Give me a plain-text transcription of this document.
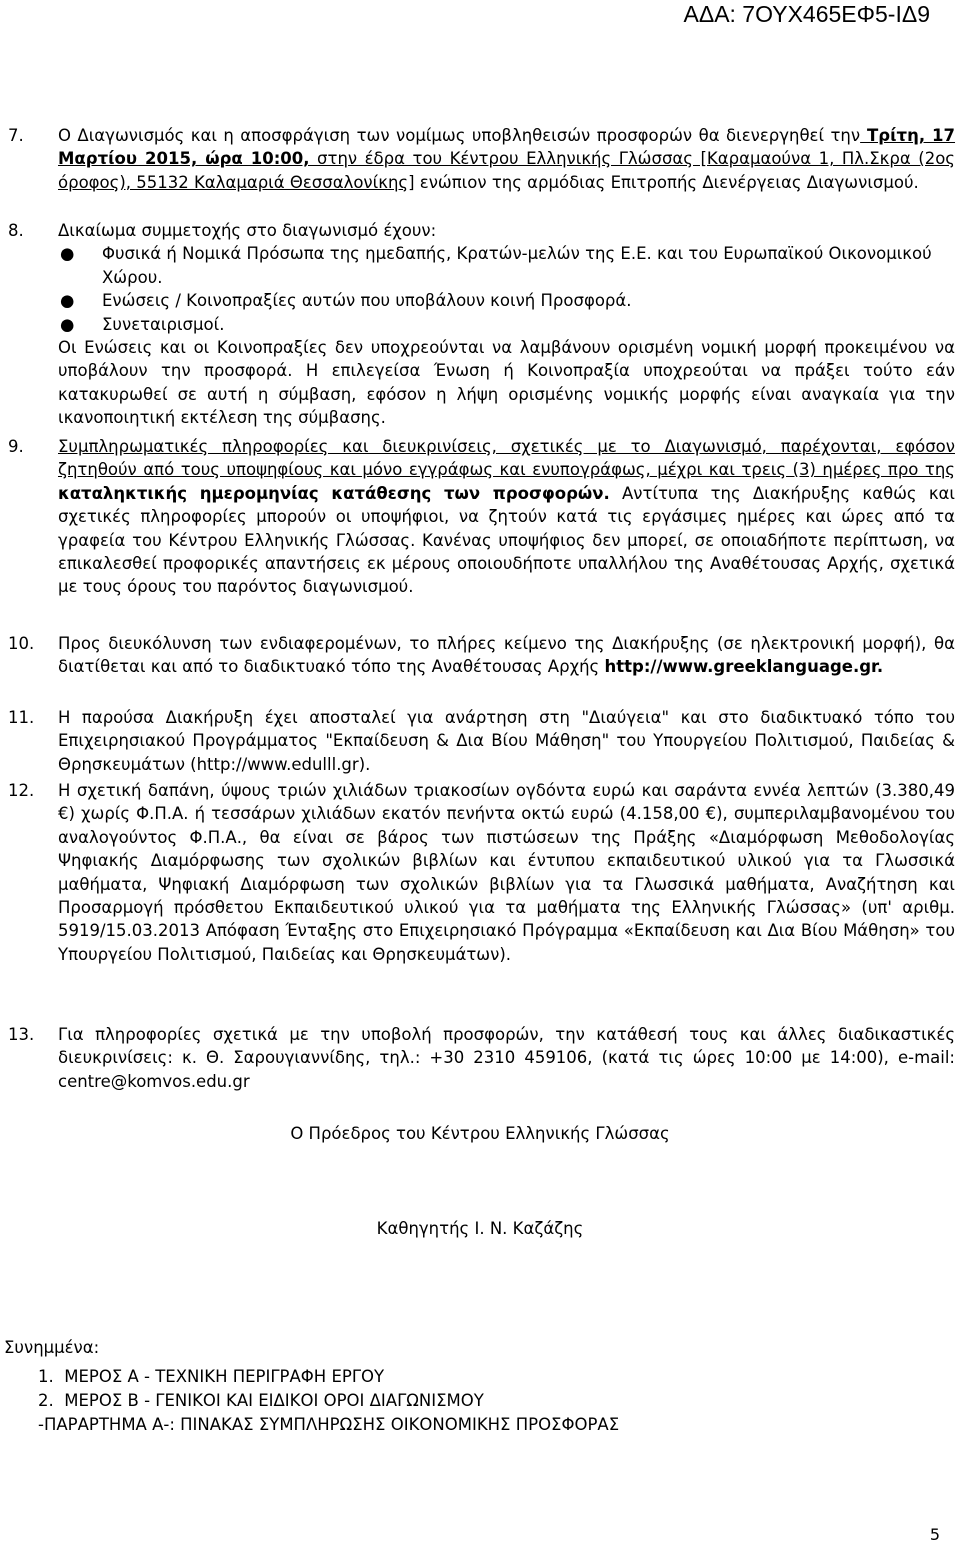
ΑΔΑ: 7ΟΥΧ465ΕΦ5-ΙΔ9
7. Ο Διαγωνισμός και η αποσφράγιση των νομίμως υποβληθεισών προσφορών θα διενεργηθεί την Τρίτη, 17 Μαρτίου 2015, ώρα 10:00, στην έδρα του Κέντρου Ελληνικής Γλώσσας [Καραμαούνα 1, Πλ.Σκρα (2ος όροφος), 55132 Καλαμαριά Θεσσαλονίκης] ενώπιον της αρμόδιας Επιτροπής Διενέργειας Διαγωνισμού.
8. Δικαίωμα συμμετοχής στο διαγωνισμό έχουν:
● Φυσικά ή Νομικά Πρόσωπα της ημεδαπής, Κρατών-μελών της Ε.Ε. και του Ευρωπαϊκού Οικονομικού Χώρου.
● Ενώσεις / Κοινοπραξίες αυτών που υποβάλουν κοινή Προσφορά.
● Συνεταιρισμοί.
Οι Ενώσεις και οι Κοινοπραξίες δεν υποχρεούνται να λαμβάνουν ορισμένη νομική μορφή προκειμένου να υποβάλουν την προσφορά. Η επιλεγείσα Ένωση ή Κοινοπραξία υποχρεούται να πράξει τούτο εάν κατακυρωθεί σε αυτή η σύμβαση, εφόσον η λήψη ορισμένης νομικής μορφής είναι αναγκαία για την ικανοποιητική εκτέλεση της σύμβασης.
9. Συμπληρωματικές πληροφορίες και διευκρινίσεις, σχετικές με το Διαγωνισμό, παρέχονται, εφόσον ζητηθούν από τους υποψηφίους και μόνο εγγράφως και ενυπογράφως, μέχρι και τρεις (3) ημέρες προ της καταληκτικής ημερομηνίας κατάθεσης των προσφορών. Αντίτυπα της Διακήρυξης καθώς και σχετικές πληροφορίες μπορούν οι υποψήφιοι, να ζητούν κατά τις εργάσιμες ημέρες και ώρες από τα γραφεία του Κέντρου Ελληνικής Γλώσσας. Κανένας υποψήφιος δεν μπορεί, σε οποιαδήποτε περίπτωση, να επικαλεσθεί προφορικές απαντήσεις εκ μέρους οποιουδήποτε υπαλλήλου της Αναθέτουσας Αρχής, σχετικά με τους όρους του παρόντος διαγωνισμού.
10. Προς διευκόλυνση των ενδιαφερομένων, το πλήρες κείμενο της Διακήρυξης (σε ηλεκτρονική μορφή), θα διατίθεται και από το διαδικτυακό τόπο της Αναθέτουσας Αρχής http://www.greeklanguage.gr.
11. Η παρούσα Διακήρυξη έχει αποσταλεί για ανάρτηση στη "Διαύγεια" και στο διαδικτυακό τόπο του Επιχειρησιακού Προγράμματος "Εκπαίδευση & Δια Βίου Μάθηση" του Υπουργείου Πολιτισμού, Παιδείας & Θρησκευμάτων (http://www.edulll.gr).
12. Η σχετική δαπάνη, ύψους τριών χιλιάδων τριακοσίων ογδόντα ευρώ και σαράντα εννέα λεπτών (3.380,49 €) χωρίς Φ.Π.Α. ή τεσσάρων χιλιάδων εκατόν πενήντα οκτώ ευρώ (4.158,00 €), συμπεριλαμβανομένου του αναλογούντος Φ.Π.Α., θα είναι σε βάρος των πιστώσεων της Πράξης «Διαμόρφωση Μεθοδολογίας Ψηφιακής Διαμόρφωσης των σχολικών βιβλίων και έντυπου εκπαιδευτικού υλικού για τα Γλωσσικά μαθήματα, Ψηφιακή Διαμόρφωση των σχολικών βιβλίων για τα Γλωσσικά μαθήματα, Αναζήτηση και Προσαρμογή πρόσθετου Εκπαιδευτικού υλικού για τα μαθήματα της Ελληνικής Γλώσσας» (υπ' αριθμ. 5919/15.03.2013 Απόφαση Ένταξης στο Επιχειρησιακό Πρόγραμμα «Εκπαίδευση και Δια Βίου Μάθηση» του Υπουργείου Πολιτισμού, Παιδείας και Θρησκευμάτων).
13. Για πληροφορίες σχετικά με την υποβολή προσφορών, την κατάθεσή τους και άλλες διαδικαστικές διευκρινίσεις: κ. Θ. Σαρουγιαννίδης, τηλ.: +30 2310 459106, (κατά τις ώρες 10:00 με 14:00), e-mail: centre@komvos.edu.gr
Ο Πρόεδρος του Κέντρου Ελληνικής Γλώσσας
Καθηγητής Ι. Ν. Καζάζης
Συνημμένα:
1.  ΜΕΡΟΣ Α - ΤΕΧΝΙΚΗ ΠΕΡΙΓΡΑΦΗ ΕΡΓΟΥ
2.  ΜΕΡΟΣ Β - ΓΕΝΙΚΟΙ ΚΑΙ ΕΙΔΙΚΟΙ ΟΡΟΙ ΔΙΑΓΩΝΙΣΜΟΥ
-ΠΑΡΑΡΤΗΜΑ Α-: ΠΙΝΑΚΑΣ ΣΥΜΠΛΗΡΩΣΗΣ ΟΙΚΟΝΟΜΙΚΗΣ ΠΡΟΣΦΟΡΑΣ
5
